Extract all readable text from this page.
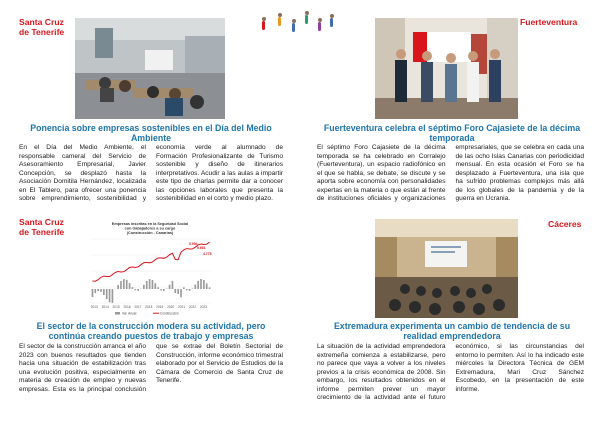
Santa Cruz
de Tenerife
Ponencia sobre empresas sostenibles en el Día del Medio Ambiente
En el Día del Medio Ambiente, el responsable cameral del Servicio de Asesoramiento Empresarial, Javier Concepción, se desplazó hasta la Asociación Domitila Hernández, localizada en El Tablero, para ofrecer una ponencia sobre emprendimiento, sostenibilidad y economía verde al alumnado de Formación Profesionalizante de Turismo sostenible y diseño de itinerarios interpretativos. Acudir a las aulas a impartir este tipo de charlas permite dar a conocer las opciones laborales que presenta la sostenibilidad en el corto y medio plazo.
Fuerteventura
Fuerteventura celebra el séptimo Foro Cajasiete de la décima temporada
El séptimo Foro Cajasiete de la décima temporada se ha celebrado en Corralejo (Fuerteventura), un espacio radiofónico en el que se habla, se debate, se discute y se aporta sobre economía con personalidades expertas en la materia o que están al frente de instituciones oficiales y organizaciones empresariales, que se celebra en cada una de las ocho Islas Canarias con periodicidad mensual. En esta ocasión el Foro se ha desplazado a Fuerteventura, una isla que ha sufrido problemas complejos más allá de los globales de la pandemia y de la guerra en Ucrania.
Santa Cruz
de Tenerife
Empresas inscritas en la Seguridad Social
con trabajadores a su cargo
(Construcción - Canarias)
5.994
5.661
4.775
2013 2014 2015 2016 2017 2018 2019 2020 2021 2022 2023
Var. Anual	Construcción
El sector de la construcción modera su actividad, pero continúa creando puestos de trabajo y empresas
El sector de la construcción arranca el año 2023 con buenos resultados que tienden hacia una situación de estabilización tras una evolución positiva, especialmente en materia de creación de empleo y nuevas empresas. Esta es la principal conclusión que se extrae del Boletín Sectorial de Construcción, informe económico trimestral elaborado por el Servicio de Estudios de la Cámara de Comercio de Santa Cruz de Tenerife.
Cáceres
Extremadura experimenta un cambio de tendencia de su realidad emprendedora
La situación de la actividad emprendedora extremeña comienza a estabilizarse, pero no parece que vaya a volver a los niveles previos a la crisis económica de 2008. Sin embargo, los resultados obtenidos en el informe permiten prever un mayor crecimiento de la actividad ante el futuro económico, si las circunstancias del entorno lo permiten. Así lo ha indicado este miércoles la Directora Técnica de GEM Extremadura, Mari Cruz Sánchez Escobedo, en la presentación de este informe.
